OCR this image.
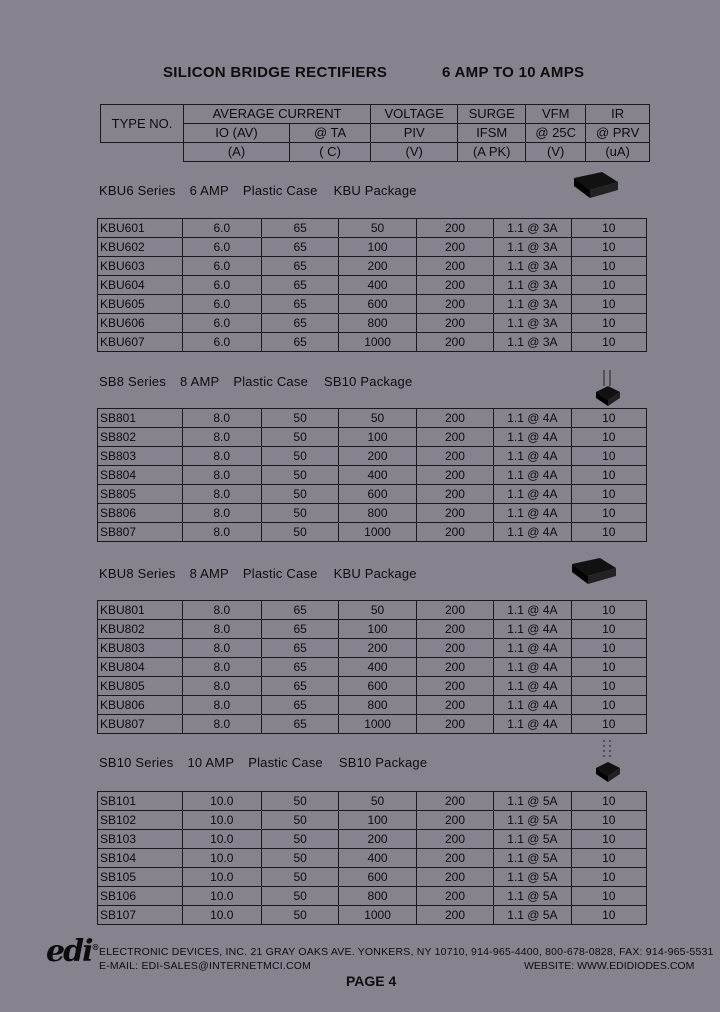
SILICON BRIDGE RECTIFIERS	6 AMP TO 10 AMPS
TYPE NO.	AVERAGE CURRENT		VOLTAGE	SURGE	VFM	IR
	IO (AV)	@ TA	PIV	IFSM	@ 25C	@ PRV
	(A)	( C)	(V)	(A PK)	(V)	(uA)
KBU6 Series 6 AMP Plastic Case KBU Package
KBU601	6.0	65	50	200	1.1 @ 3A	10
KBU602	6.0	65	100	200	1.1 @ 3A	10
KBU603	6.0	65	200	200	1.1 @ 3A	10
KBU604	6.0	65	400	200	1.1 @ 3A	10
KBU605	6.0	65	600	200	1.1 @ 3A	10
KBU606	6.0	65	800	200	1.1 @ 3A	10
KBU607	6.0	65	1000	200	1.1 @ 3A	10
SB8 Series 8 AMP Plastic Case SB10 Package
SB801	8.0	50	50	200	1.1 @ 4A	10
SB802	8.0	50	100	200	1.1 @ 4A	10
SB803	8.0	50	200	200	1.1 @ 4A	10
SB804	8.0	50	400	200	1.1 @ 4A	10
SB805	8.0	50	600	200	1.1 @ 4A	10
SB806	8.0	50	800	200	1.1 @ 4A	10
SB807	8.0	50	1000	200	1.1 @ 4A	10
KBU8 Series 8 AMP Plastic Case KBU Package
KBU801	8.0	65	50	200	1.1 @ 4A	10
KBU802	8.0	65	100	200	1.1 @ 4A	10
KBU803	8.0	65	200	200	1.1 @ 4A	10
KBU804	8.0	65	400	200	1.1 @ 4A	10
KBU805	8.0	65	600	200	1.1 @ 4A	10
KBU806	8.0	65	800	200	1.1 @ 4A	10
KBU807	8.0	65	1000	200	1.1 @ 4A	10
SB10 Series 10 AMP Plastic Case SB10 Package
SB101	10.0	50	50	200	1.1 @ 5A	10
SB102	10.0	50	100	200	1.1 @ 5A	10
SB103	10.0	50	200	200	1.1 @ 5A	10
SB104	10.0	50	400	200	1.1 @ 5A	10
SB105	10.0	50	600	200	1.1 @ 5A	10
SB106	10.0	50	800	200	1.1 @ 5A	10
SB107	10.0	50	1000	200	1.1 @ 5A	10
edi® ELECTRONIC DEVICES, INC. 21 GRAY OAKS AVE. YONKERS, NY 10710, 914-965-4400, 800-678-0828, FAX: 914-965-5531
E-MAIL: EDI-SALES@INTERNETMCI.COM	WEBSITE: WWW.EDIDIODES.COM
PAGE 4
